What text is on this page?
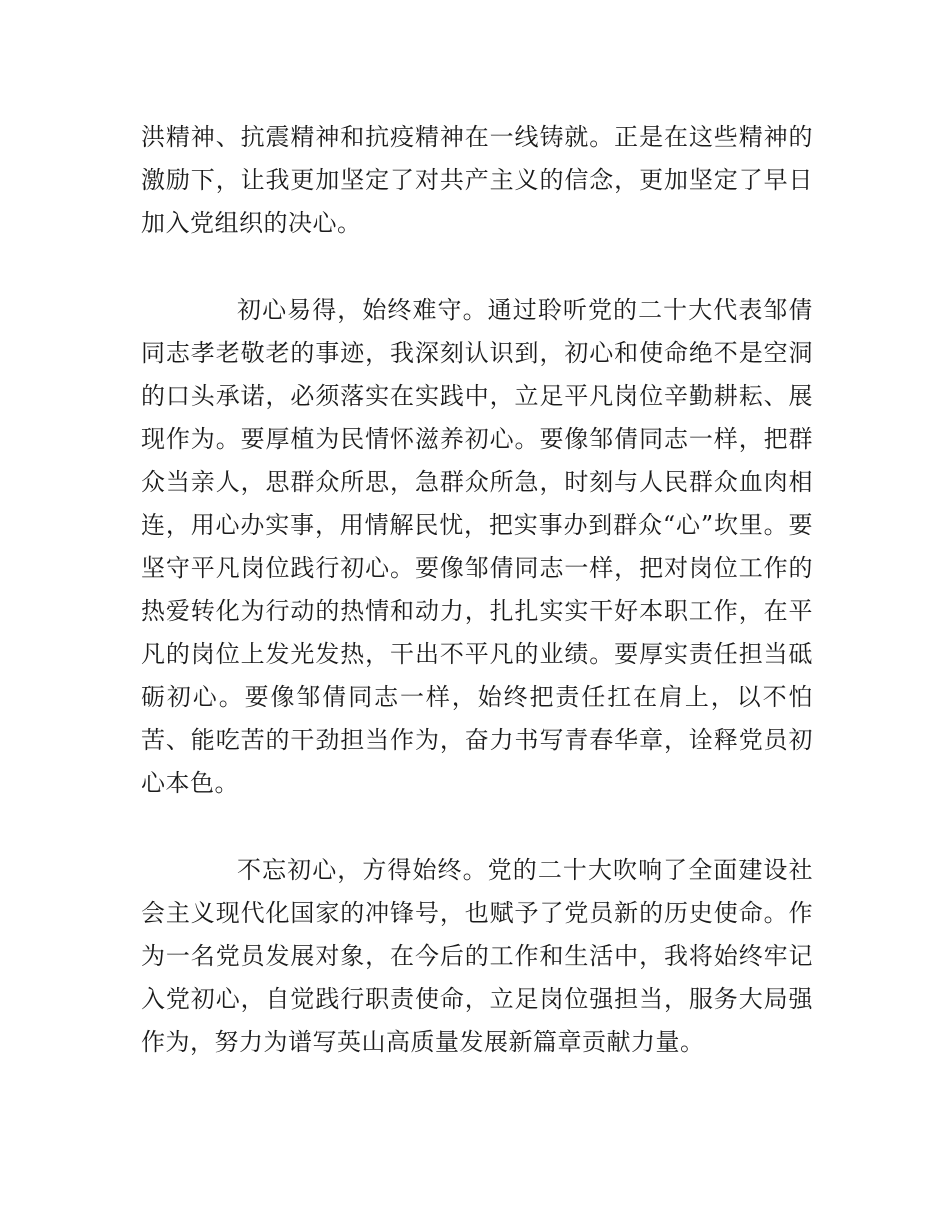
洪精神、抗震精神和抗疫精神在一线铸就。正是在这些精神的激励下，让我更加坚定了对共产主义的信念，更加坚定了早日加入党组织的决心。

初心易得，始终难守。通过聆听党的二十大代表邹倩同志孝老敬老的事迹，我深刻认识到，初心和使命绝不是空洞的口头承诺，必须落实在实践中，立足平凡岗位辛勤耕耘、展现作为。要厚植为民情怀滋养初心。要像邹倩同志一样，把群众当亲人，思群众所思，急群众所急，时刻与人民群众血肉相连，用心办实事，用情解民忧，把实事办到群众“心”坎里。要坚守平凡岗位践行初心。要像邹倩同志一样，把对岗位工作的热爱转化为行动的热情和动力，扎扎实实干好本职工作，在平凡的岗位上发光发热，干出不平凡的业绩。要厚实责任担当砥砺初心。要像邹倩同志一样，始终把责任扛在肩上，以不怕苦、能吃苦的干劲担当作为，奋力书写青春华章，诠释党员初心本色。

不忘初心，方得始终。党的二十大吹响了全面建设社会主义现代化国家的冲锋号，也赋予了党员新的历史使命。作为一名党员发展对象，在今后的工作和生活中，我将始终牢记入党初心，自觉践行职责使命，立足岗位强担当，服务大局强作为，努力为谱写英山高质量发展新篇章贡献力量。
